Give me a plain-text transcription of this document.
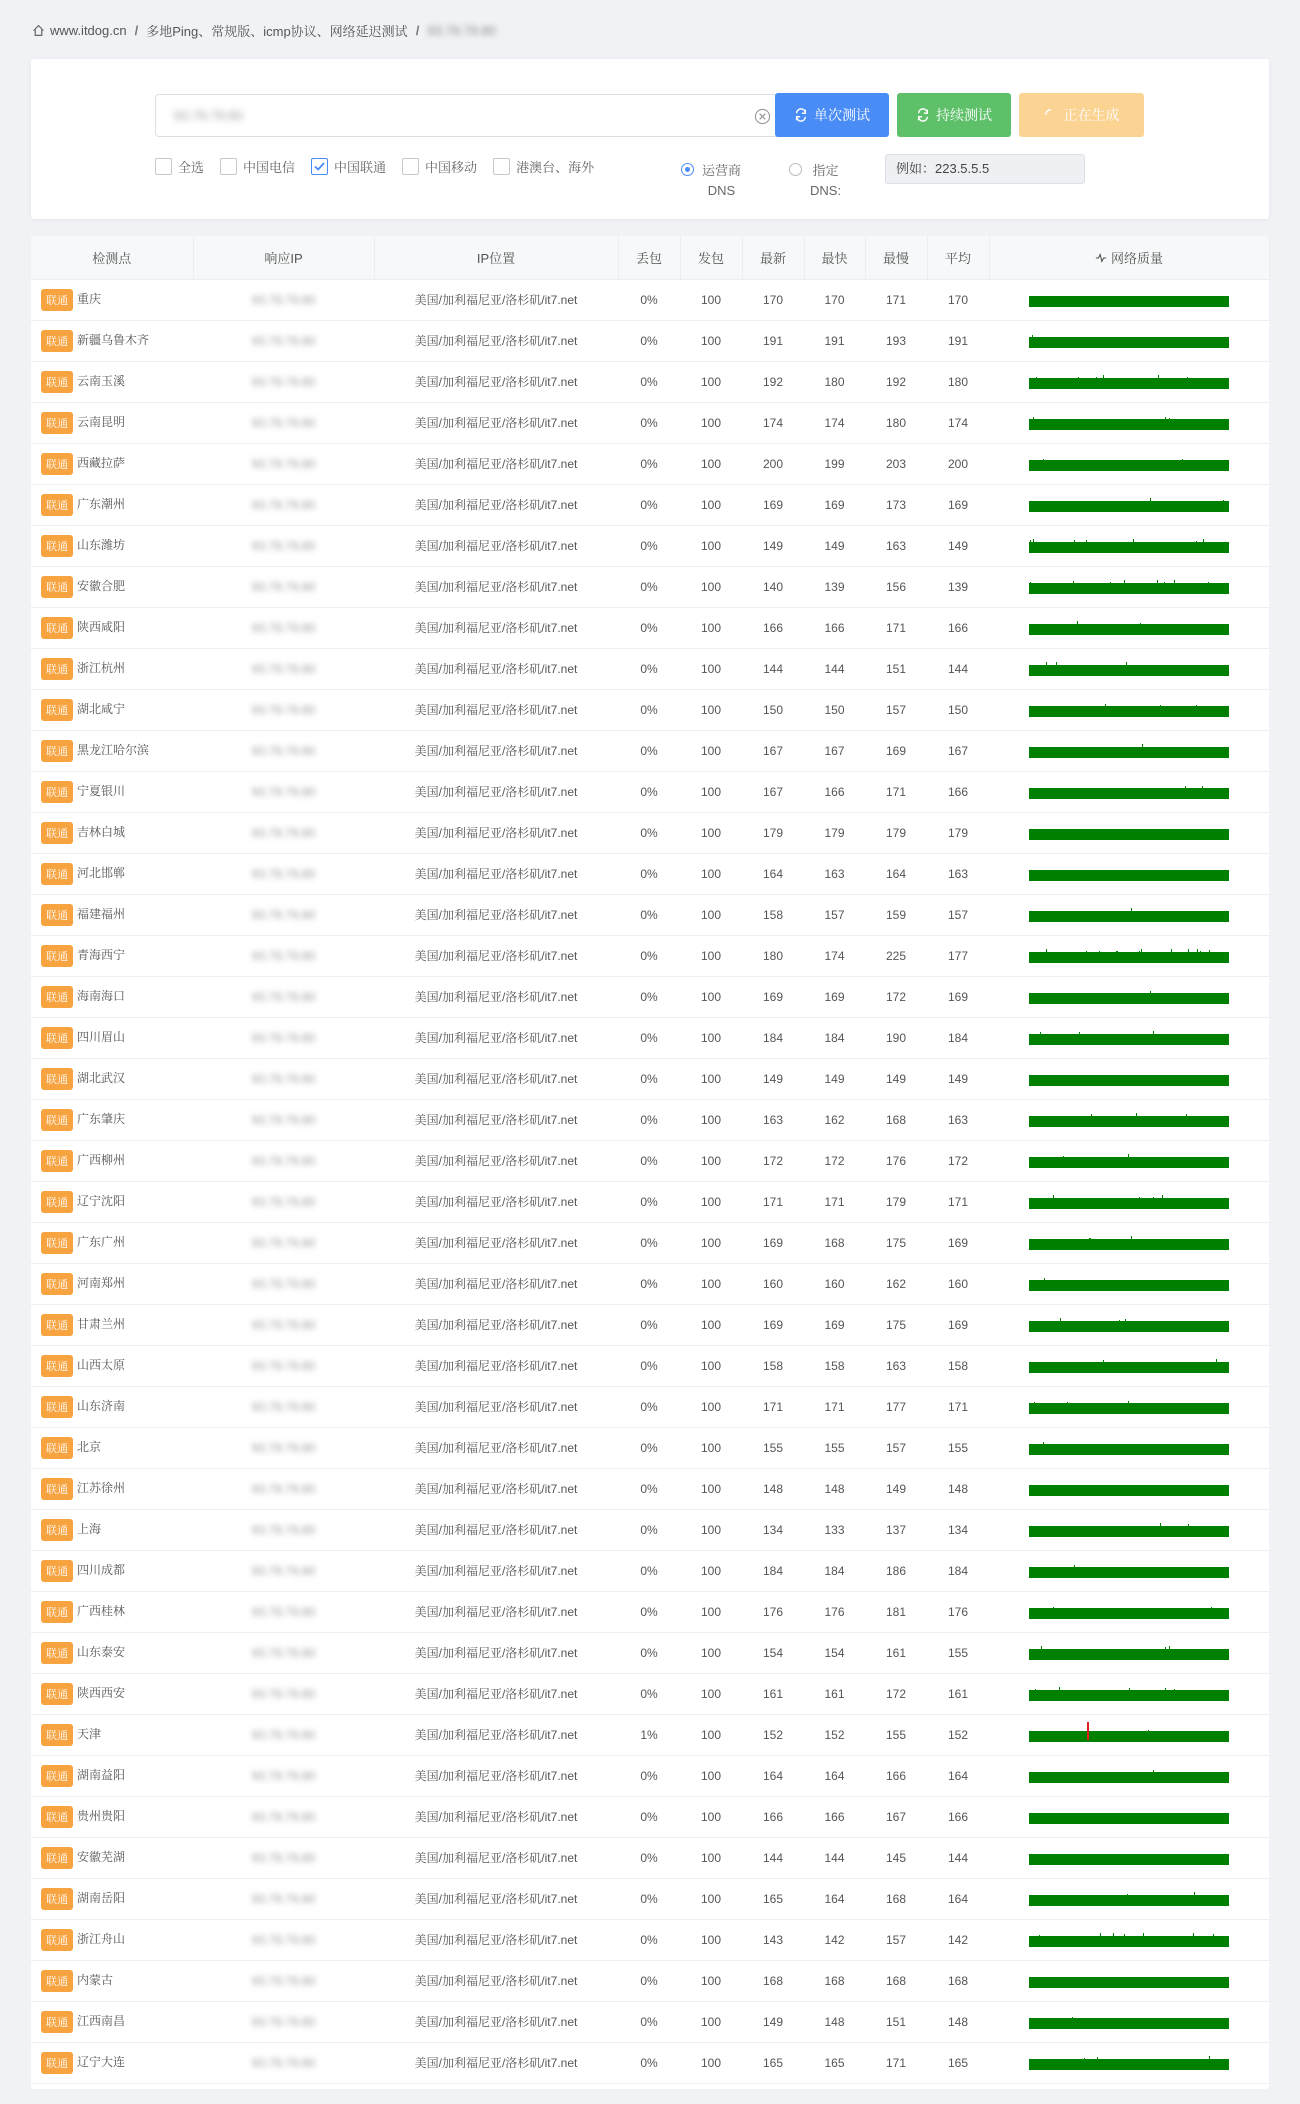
www.itdog.cn / 多地Ping、常规版、icmp协议、网络延迟测试 / 93.79.79.80
93.79.79.80	单次测试	持续测试	正在生成
全选	中国电信	中国联通	中国移动	港澳台、海外	运营商
DNS
指定
DNS:
例如：223.5.5.5
检测点	响应IP	IP位置	丢包	发包	最新	最快	最慢	平均	网络质量
联通 重庆	93.79.79.80	美国/加利福尼亚/洛杉矶/it7.net	0%	100	170	170	171	170	

联通 新疆乌鲁木齐	93.79.79.80	美国/加利福尼亚/洛杉矶/it7.net	0%	100	191	191	193	191	

联通 云南玉溪	93.79.79.80	美国/加利福尼亚/洛杉矶/it7.net	0%	100	192	180	192	180	

联通 云南昆明	93.79.79.80	美国/加利福尼亚/洛杉矶/it7.net	0%	100	174	174	180	174	

联通 西藏拉萨	93.79.79.80	美国/加利福尼亚/洛杉矶/it7.net	0%	100	200	199	203	200	

联通 广东潮州	93.79.79.80	美国/加利福尼亚/洛杉矶/it7.net	0%	100	169	169	173	169	

联通 山东潍坊	93.79.79.80	美国/加利福尼亚/洛杉矶/it7.net	0%	100	149	149	163	149	

联通 安徽合肥	93.79.79.80	美国/加利福尼亚/洛杉矶/it7.net	0%	100	140	139	156	139	

联通 陕西咸阳	93.79.79.80	美国/加利福尼亚/洛杉矶/it7.net	0%	100	166	166	171	166	

联通 浙江杭州	93.79.79.80	美国/加利福尼亚/洛杉矶/it7.net	0%	100	144	144	151	144	

联通 湖北咸宁	93.79.79.80	美国/加利福尼亚/洛杉矶/it7.net	0%	100	150	150	157	150	

联通 黑龙江哈尔滨	93.79.79.80	美国/加利福尼亚/洛杉矶/it7.net	0%	100	167	167	169	167	

联通 宁夏银川	93.79.79.80	美国/加利福尼亚/洛杉矶/it7.net	0%	100	167	166	171	166	

联通 吉林白城	93.79.79.80	美国/加利福尼亚/洛杉矶/it7.net	0%	100	179	179	179	179	

联通 河北邯郸	93.79.79.80	美国/加利福尼亚/洛杉矶/it7.net	0%	100	164	163	164	163	

联通 福建福州	93.79.79.80	美国/加利福尼亚/洛杉矶/it7.net	0%	100	158	157	159	157	

联通 青海西宁	93.79.79.80	美国/加利福尼亚/洛杉矶/it7.net	0%	100	180	174	225	177	

联通 海南海口	93.79.79.80	美国/加利福尼亚/洛杉矶/it7.net	0%	100	169	169	172	169	

联通 四川眉山	93.79.79.80	美国/加利福尼亚/洛杉矶/it7.net	0%	100	184	184	190	184	

联通 湖北武汉	93.79.79.80	美国/加利福尼亚/洛杉矶/it7.net	0%	100	149	149	149	149	

联通 广东肇庆	93.79.79.80	美国/加利福尼亚/洛杉矶/it7.net	0%	100	163	162	168	163	

联通 广西柳州	93.79.79.80	美国/加利福尼亚/洛杉矶/it7.net	0%	100	172	172	176	172	

联通 辽宁沈阳	93.79.79.80	美国/加利福尼亚/洛杉矶/it7.net	0%	100	171	171	179	171	

联通 广东广州	93.79.79.80	美国/加利福尼亚/洛杉矶/it7.net	0%	100	169	168	175	169	

联通 河南郑州	93.79.79.80	美国/加利福尼亚/洛杉矶/it7.net	0%	100	160	160	162	160	

联通 甘肃兰州	93.79.79.80	美国/加利福尼亚/洛杉矶/it7.net	0%	100	169	169	175	169	

联通 山西太原	93.79.79.80	美国/加利福尼亚/洛杉矶/it7.net	0%	100	158	158	163	158	

联通 山东济南	93.79.79.80	美国/加利福尼亚/洛杉矶/it7.net	0%	100	171	171	177	171	

联通 北京	93.79.79.80	美国/加利福尼亚/洛杉矶/it7.net	0%	100	155	155	157	155	

联通 江苏徐州	93.79.79.80	美国/加利福尼亚/洛杉矶/it7.net	0%	100	148	148	149	148	

联通 上海	93.79.79.80	美国/加利福尼亚/洛杉矶/it7.net	0%	100	134	133	137	134	

联通 四川成都	93.79.79.80	美国/加利福尼亚/洛杉矶/it7.net	0%	100	184	184	186	184	

联通 广西桂林	93.79.79.80	美国/加利福尼亚/洛杉矶/it7.net	0%	100	176	176	181	176	

联通 山东泰安	93.79.79.80	美国/加利福尼亚/洛杉矶/it7.net	0%	100	154	154	161	155	

联通 陕西西安	93.79.79.80	美国/加利福尼亚/洛杉矶/it7.net	0%	100	161	161	172	161	

联通 天津	93.79.79.80	美国/加利福尼亚/洛杉矶/it7.net	1%	100	152	152	155	152	

联通 湖南益阳	93.79.79.80	美国/加利福尼亚/洛杉矶/it7.net	0%	100	164	164	166	164	

联通 贵州贵阳	93.79.79.80	美国/加利福尼亚/洛杉矶/it7.net	0%	100	166	166	167	166	

联通 安徽芜湖	93.79.79.80	美国/加利福尼亚/洛杉矶/it7.net	0%	100	144	144	145	144	

联通 湖南岳阳	93.79.79.80	美国/加利福尼亚/洛杉矶/it7.net	0%	100	165	164	168	164	

联通 浙江舟山	93.79.79.80	美国/加利福尼亚/洛杉矶/it7.net	0%	100	143	142	157	142	

联通 内蒙古	93.79.79.80	美国/加利福尼亚/洛杉矶/it7.net	0%	100	168	168	168	168	

联通 江西南昌	93.79.79.80	美国/加利福尼亚/洛杉矶/it7.net	0%	100	149	148	151	148	

联通 辽宁大连	93.79.79.80	美国/加利福尼亚/洛杉矶/it7.net	0%	100	165	165	171	165	
